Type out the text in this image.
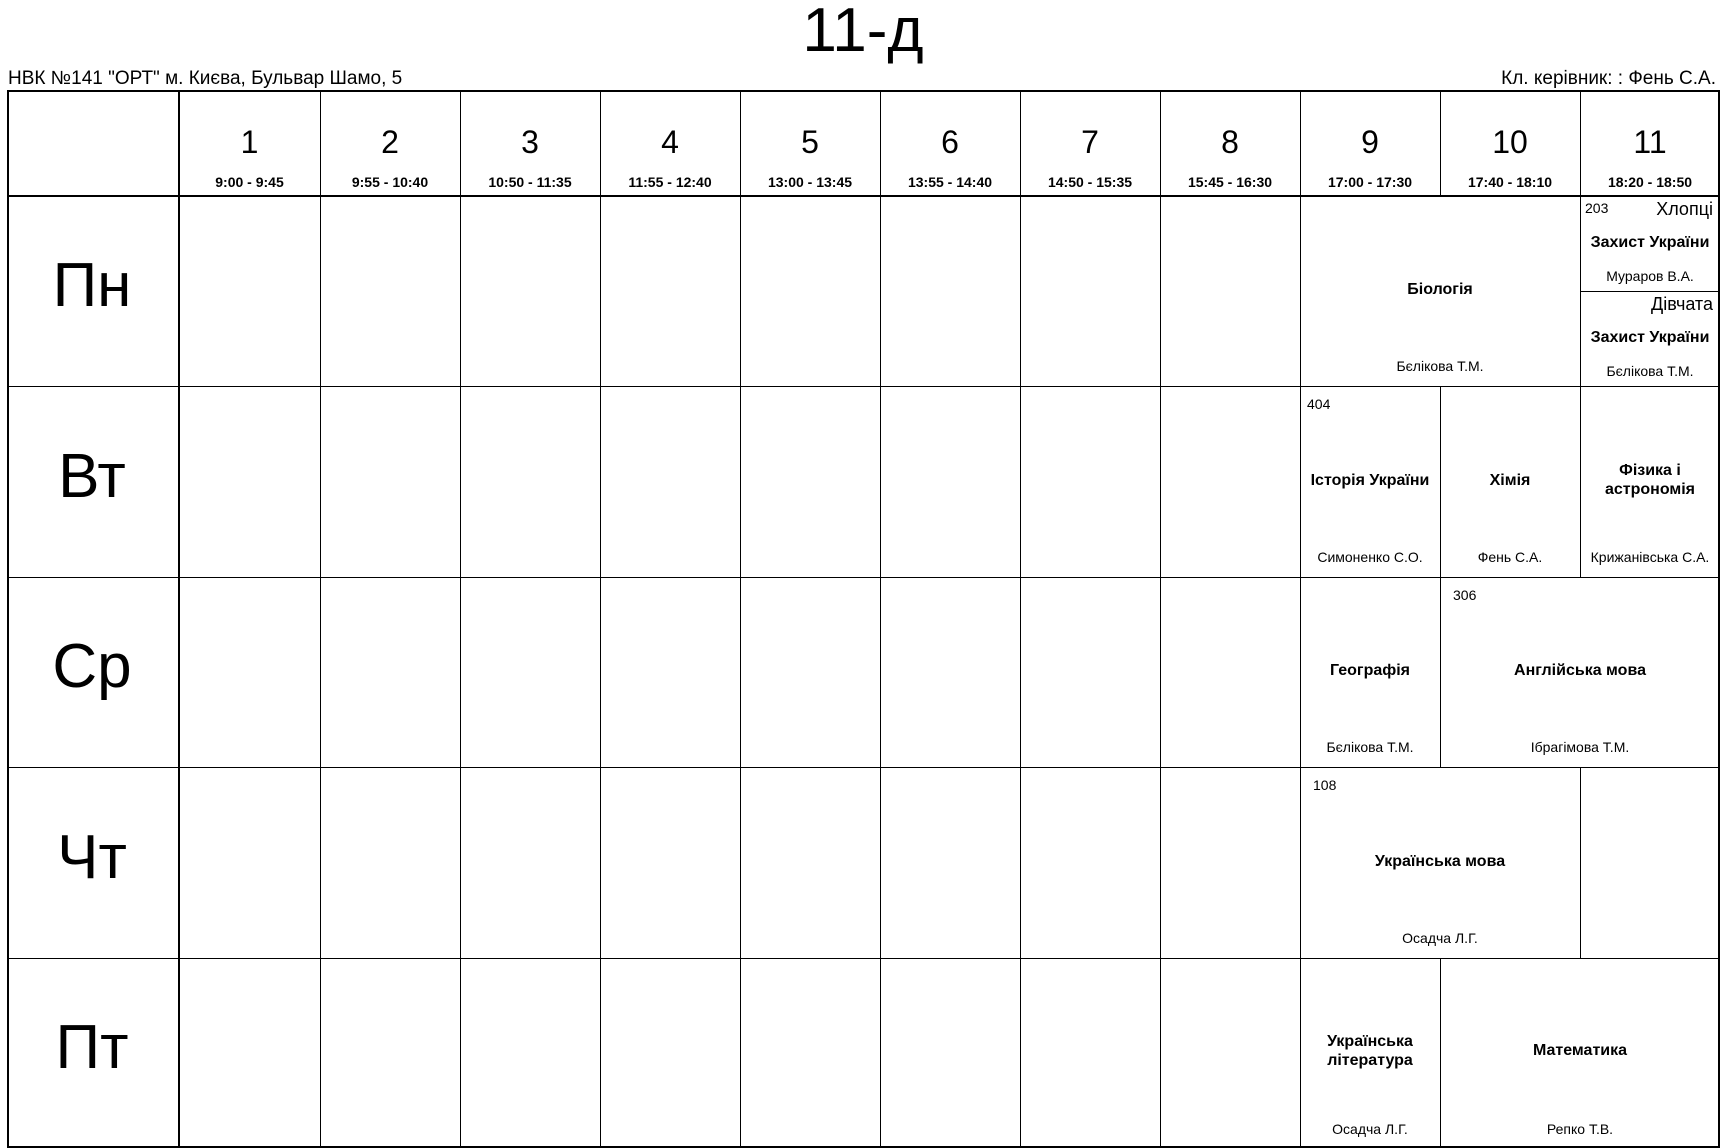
11-д
НВК №141 "ОРТ" м. Києва, Бульвар Шамо, 5	Кл. керівник: : Фень С.А.
1
9:00 - 9:45
2
9:55 - 10:40
3
10:50 - 11:35
4
11:55 - 12:40
5
13:00 - 13:45
6
13:55 - 14:40
7
14:50 - 15:35
8
15:45 - 16:30
9
17:00 - 17:30
10
17:40 - 18:10
11
18:20 - 18:50
Пн
Вт
Ср
Чт
Пт
Біологія
Бєлікова Т.М.
203	Хлопці
Захист України
Мураров В.А.
Дівчата
Захист України
Бєлікова Т.М.
404
Історія України
Симоненко С.О.
Хімія
Фень С.А.
Фізика і
астрономія
Крижанівська С.А.
Географія
Бєлікова Т.М.
306
Англійська мова
Ібрагімова Т.М.
108
Українська мова
Осадча Л.Г.
Українська
література
Осадча Л.Г.
Математика
Репко Т.В.
